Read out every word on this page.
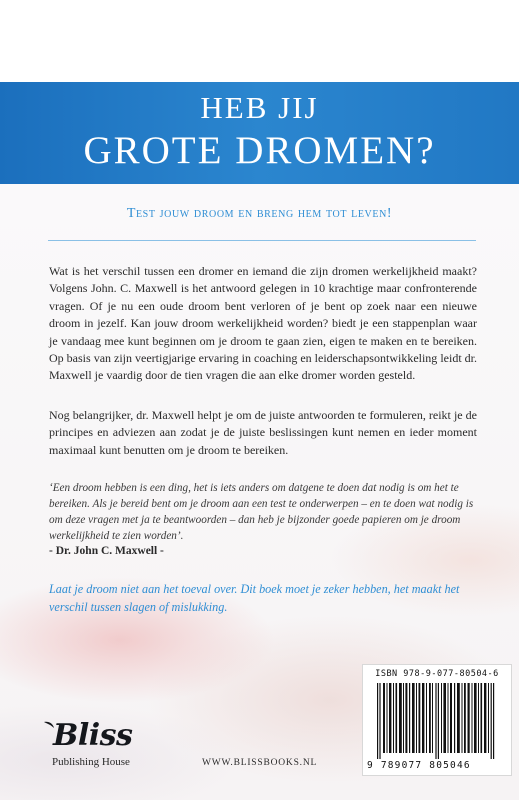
HEB JIJ
GROTE DROMEN?
Test jouw droom en breng hem tot leven!

Wat is het verschil tussen een dromer en iemand die zijn dromen werkelijkheid maakt? Volgens John. C. Maxwell is het antwoord gelegen in 10 krachtige maar confronterende vragen. Of je nu een oude droom bent verloren of je bent op zoek naar een nieuwe droom in jezelf. Kan jouw droom werkelijkheid worden? biedt je een stappenplan waar je vandaag mee kunt beginnen om je droom te gaan zien, eigen te maken en te bereiken. Op basis van zijn veertigjarige ervaring in coaching en leiderschapsontwikkeling leidt dr. Maxwell je vaardig door de tien vragen die aan elke dromer worden gesteld.

Nog belangrijker, dr. Maxwell helpt je om de juiste antwoorden te formuleren, reikt je de principes en adviezen aan zodat je de juiste beslissingen kunt nemen en ieder moment maximaal kunt benutten om je droom te bereiken.

‘Een droom hebben is een ding, het is iets anders om datgene te doen dat nodig is om het te bereiken. Als je bereid bent om je droom aan een test te onderwerpen – en te doen wat nodig is om deze vragen met ja te beantwoorden – dan heb je bijzonder goede papieren om je droom werkelijkheid te zien worden’.

- Dr. John C. Maxwell -

Laat je droom niet aan het toeval over. Dit boek moet je zeker hebben, het maakt het verschil tussen slagen of mislukking.

ISBN 978-9-077-80504-6
9 789077 805046
Bliss
Publishing House	WWW.BLISSBOOKS.NL
